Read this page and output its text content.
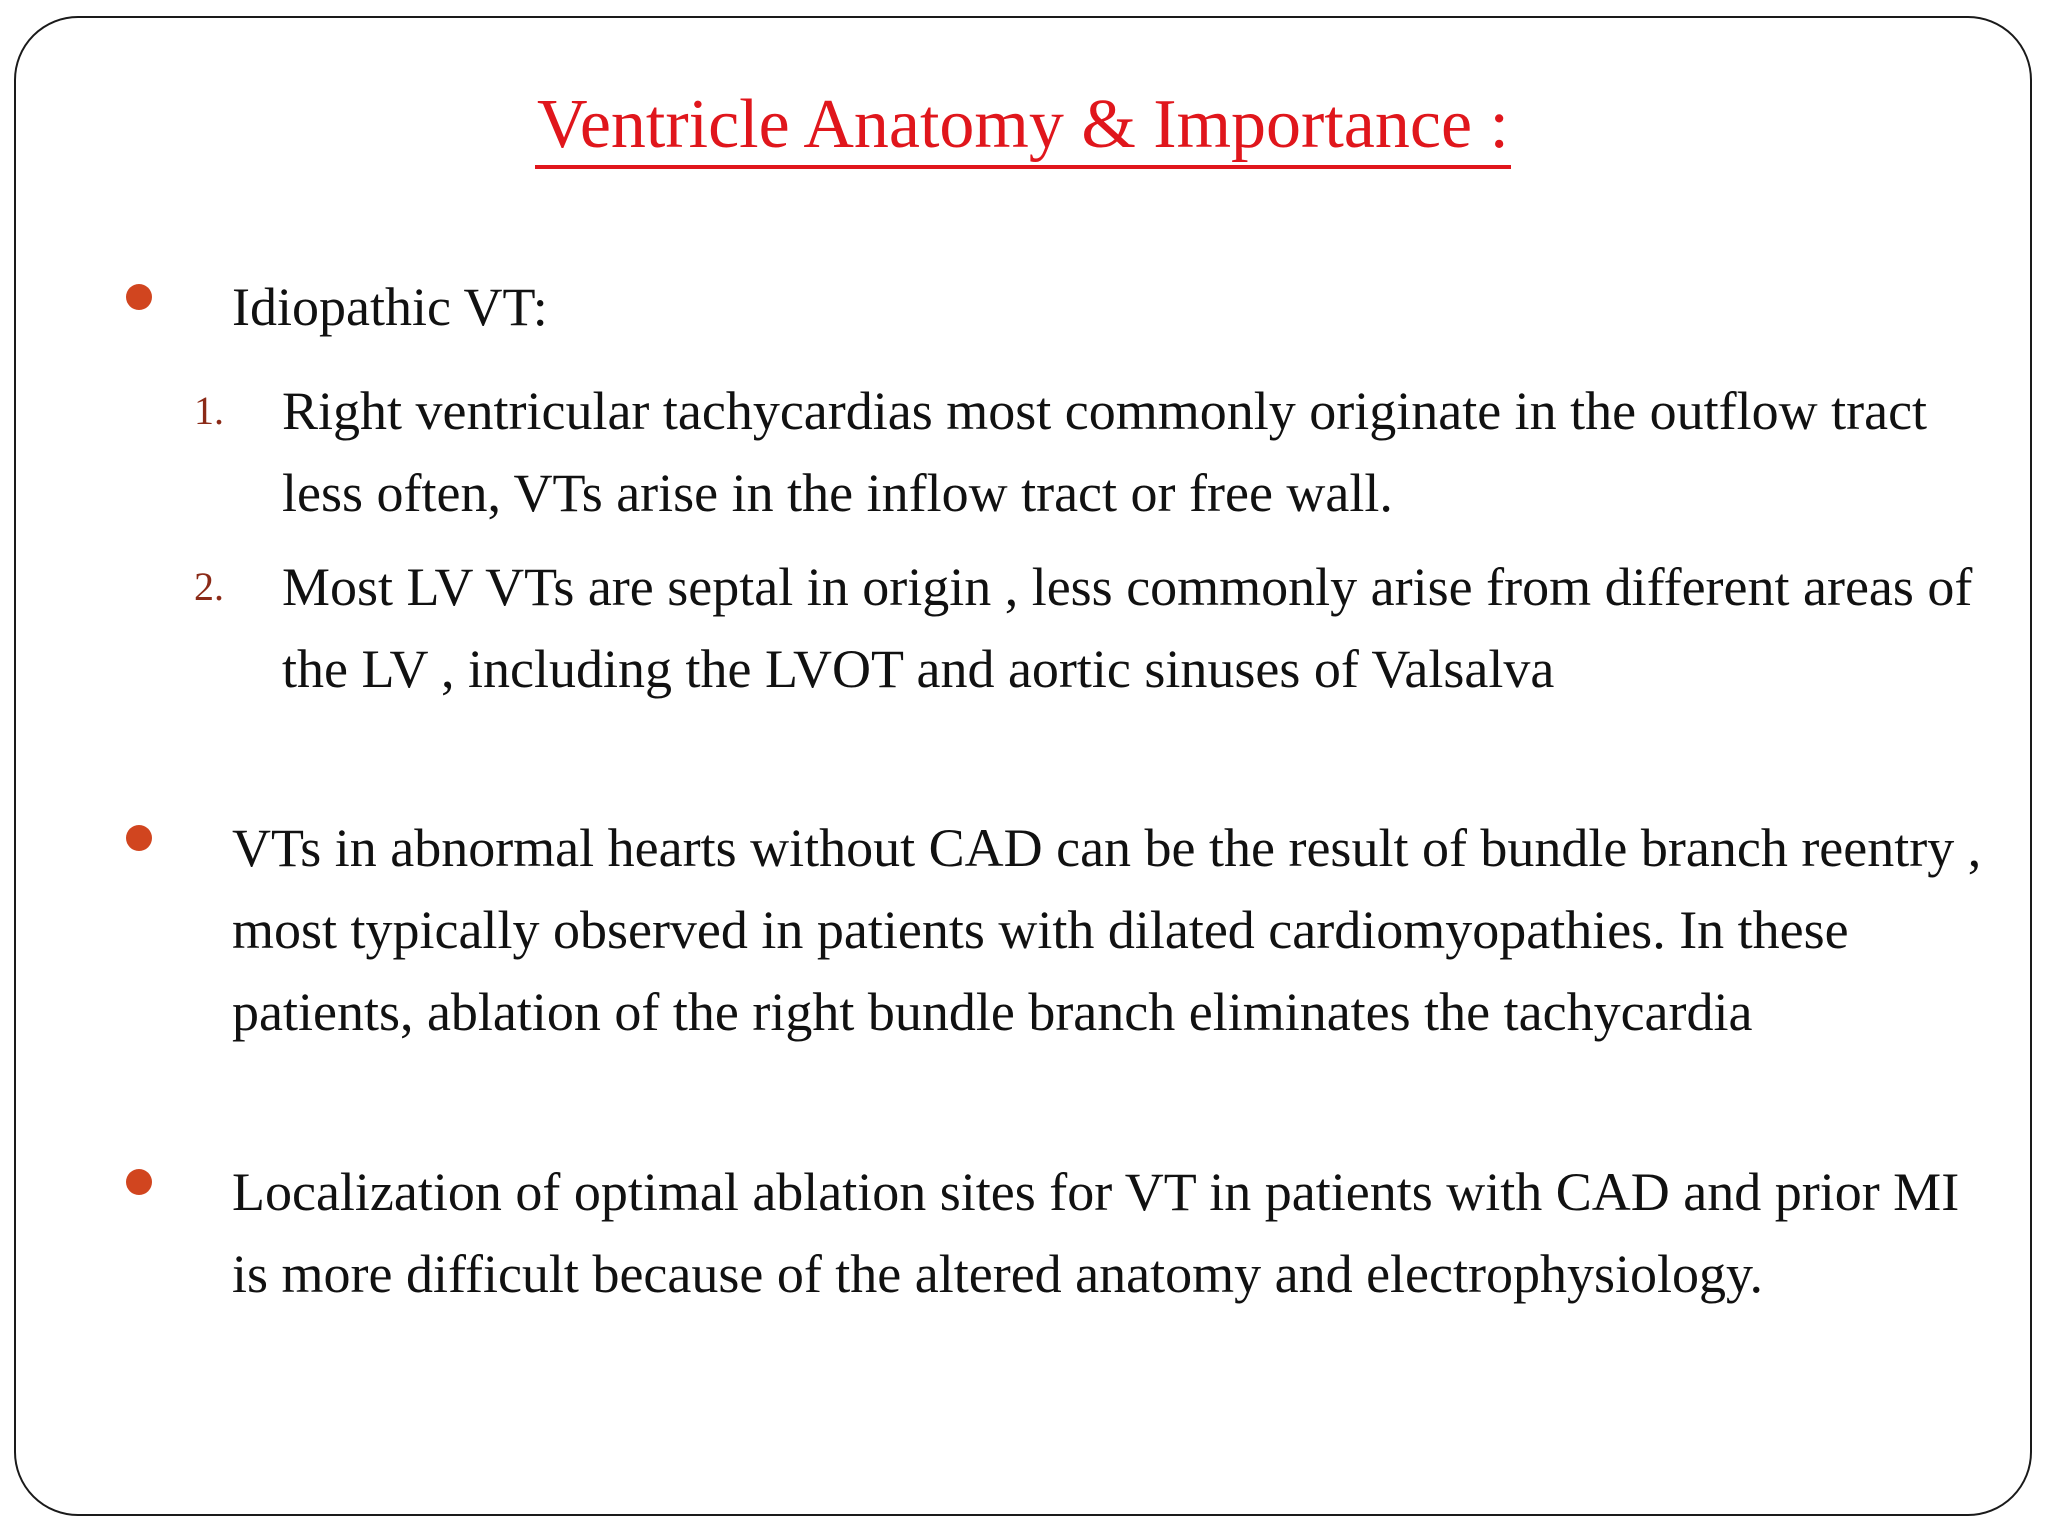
Ventricle Anatomy & Importance :

Idiopathic VT:

1. Right ventricular tachycardias most commonly originate in the outflow tract less often, VTs arise in the inflow tract or free wall.

2. Most LV VTs are septal in origin , less commonly arise from different areas of the LV , including the LVOT and aortic sinuses of Valsalva

VTs in abnormal hearts without CAD can be the result of bundle branch reentry , most typically observed in patients with dilated cardiomyopathies. In these patients, ablation of the right bundle branch eliminates the tachycardia

Localization of optimal ablation sites for VT in patients with CAD and prior MI is more difficult because of the altered anatomy and electrophysiology.
